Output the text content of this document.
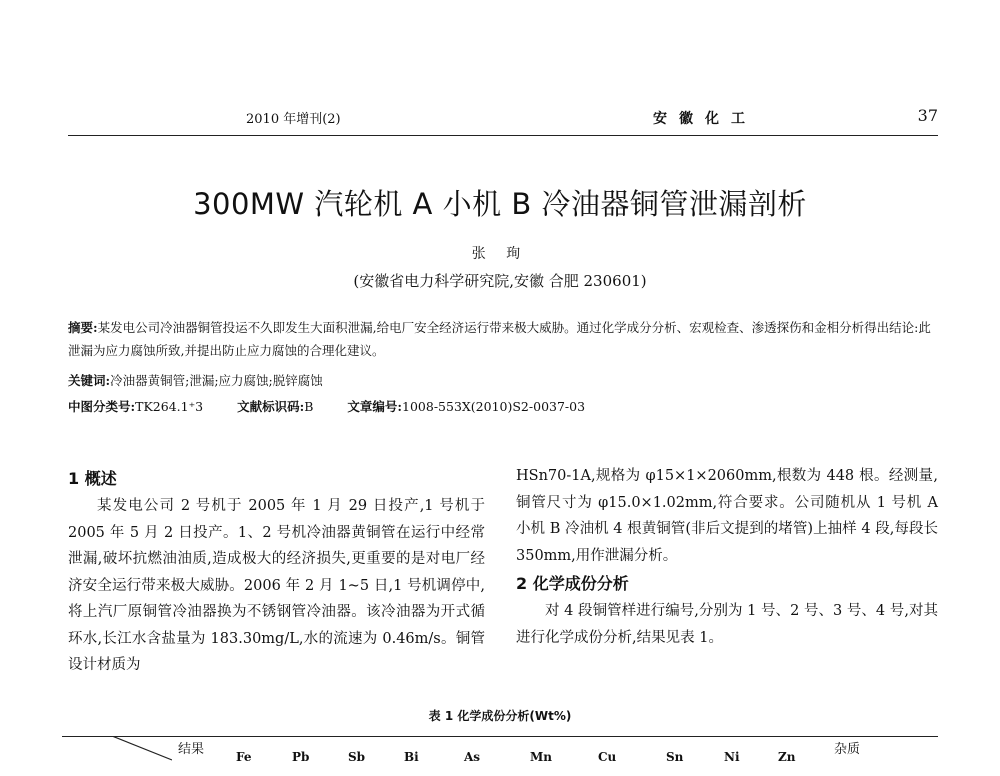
2010 年增刊(2)	安徽化工	37
300MW 汽轮机 A 小机 B 冷油器铜管泄漏剖析
张 珣
(安徽省电力科学研究院,安徽 合肥 230601)
摘要:某发电公司冷油器铜管投运不久即发生大面积泄漏,给电厂安全经济运行带来极大威胁。通过化学成分分析、宏观检查、渗透探伤和金相分析得出结论:此泄漏为应力腐蚀所致,并提出防止应力腐蚀的合理化建议。
关键词:冷油器黄铜管;泄漏;应力腐蚀;脱锌腐蚀
中图分类号:TK264.1⁺3	文献标识码:B	文章编号:1008-553X(2010)S2-0037-03
1 概述

某发电公司 2 号机于 2005 年 1 月 29 日投产,1 号机于 2005 年 5 月 2 日投产。1、2 号机冷油器黄铜管在运行中经常泄漏,破坏抗燃油油质,造成极大的经济损失,更重要的是对电厂经济安全运行带来极大威胁。2006 年 2 月 1~5 日,1 号机调停中,将上汽厂原铜管冷油器换为不锈钢管冷油器。该冷油器为开式循环水,长江水含盐量为 183.30mg/L,水的流速为 0.46m/s。铜管设计材质为

HSn70-1A,规格为 φ15×1×2060mm,根数为 448 根。经测量,铜管尺寸为 φ15.0×1.02mm,符合要求。公司随机从 1 号机 A 小机 B 冷油机 4 根黄铜管(非后文提到的堵管)上抽样 4 段,每段长 350mm,用作泄漏分析。

2 化学成份分析

对 4 段铜管样进行编号,分别为 1 号、2 号、3 号、4 号,对其进行化学成份分析,结果见表 1。

表 1 化学成份分析(Wt%)
结果	杂质
Fe	Pb	Sb	Bi	As	Mn	Cu	Sn	Ni	Zn
